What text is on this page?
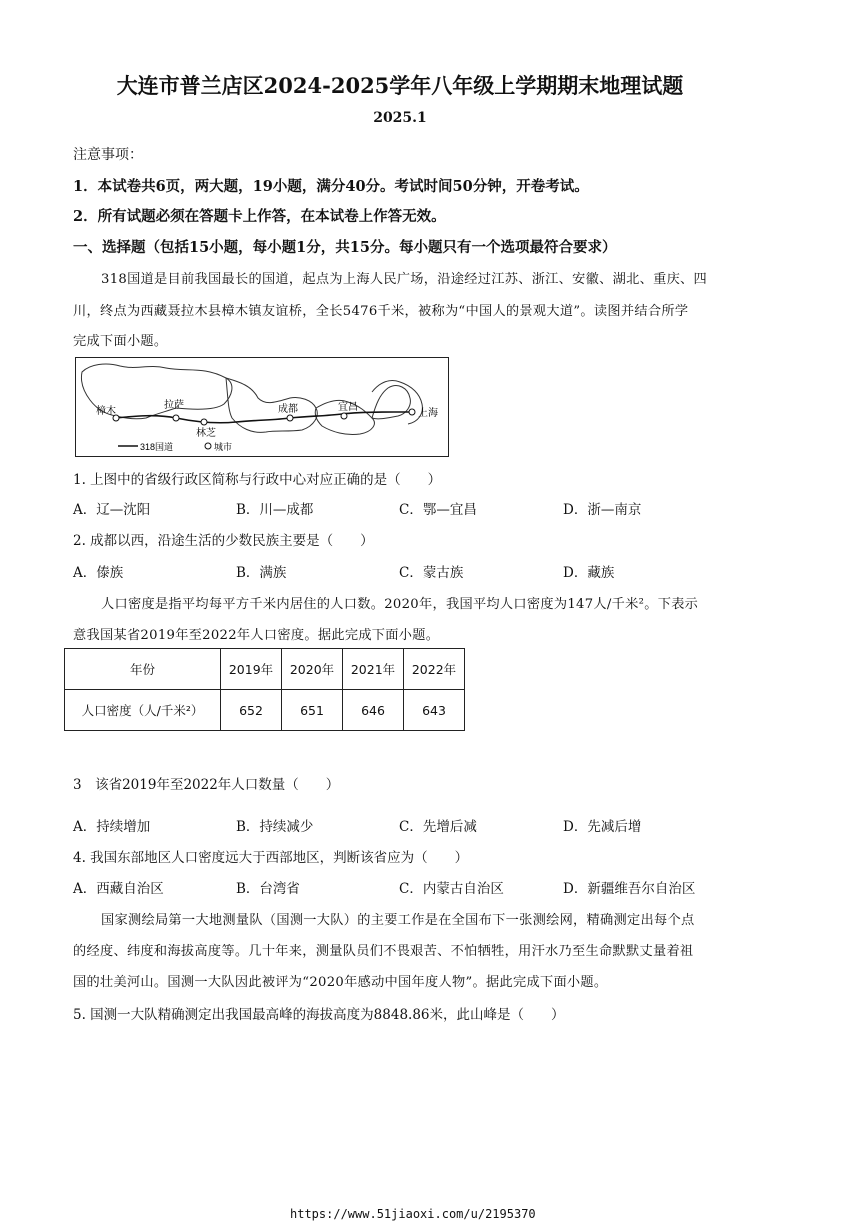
大连市普兰店区2024-2025学年八年级上学期期末地理试题
2025.1
注意事项：
1．本试卷共6页，两大题，19小题，满分40分。考试时间50分钟，开卷考试。
2．所有试题必须在答题卡上作答，在本试卷上作答无效。
一、选择题（包括15小题，每小题1分，共15分。每小题只有一个选项最符合要求）
318国道是目前我国最长的国道，起点为上海人民广场，沿途经过江苏、浙江、安徽、湖北、重庆、四
川，终点为西藏聂拉木县樟木镇友谊桥，全长5476千米，被称为“中国人的景观大道”。读图并结合所学
完成下面小题。
樟木
拉萨
林芝
成都	宜昌
上海
318国道	城市
1. 上图中的省级行政区简称与行政中心对应正确的是（　　）
A．辽—沈阳	B．川—成都	C．鄂—宜昌	D．浙—南京
2. 成都以西，沿途生活的少数民族主要是（　　）
A．傣族	B．满族	C．蒙古族	D．藏族
人口密度是指平均每平方千米内居住的人口数。2020年，我国平均人口密度为147人/千米²。下表示
意我国某省2019年至2022年人口密度。据此完成下面小题。
年份	2019年	2020年	2021年	2022年
人口密度（人/千米²）	652	651	646	643
3　该省2019年至2022年人口数量（　　）
A．持续增加	B．持续减少	C．先增后减	D．先减后增
4. 我国东部地区人口密度远大于西部地区，判断该省应为（　　）
A．西藏自治区	B．台湾省	C．内蒙古自治区	D．新疆维吾尔自治区
国家测绘局第一大地测量队（国测一大队）的主要工作是在全国布下一张测绘网，精确测定出每个点
的经度、纬度和海拔高度等。几十年来，测量队员们不畏艰苦、不怕牺牲，用汗水乃至生命默默丈量着祖
国的壮美河山。国测一大队因此被评为“2020年感动中国年度人物”。据此完成下面小题。
5. 国测一大队精确测定出我国最高峰的海拔高度为8848.86米，此山峰是（　　）
https://www.51jiaoxi.com/u/2195370
